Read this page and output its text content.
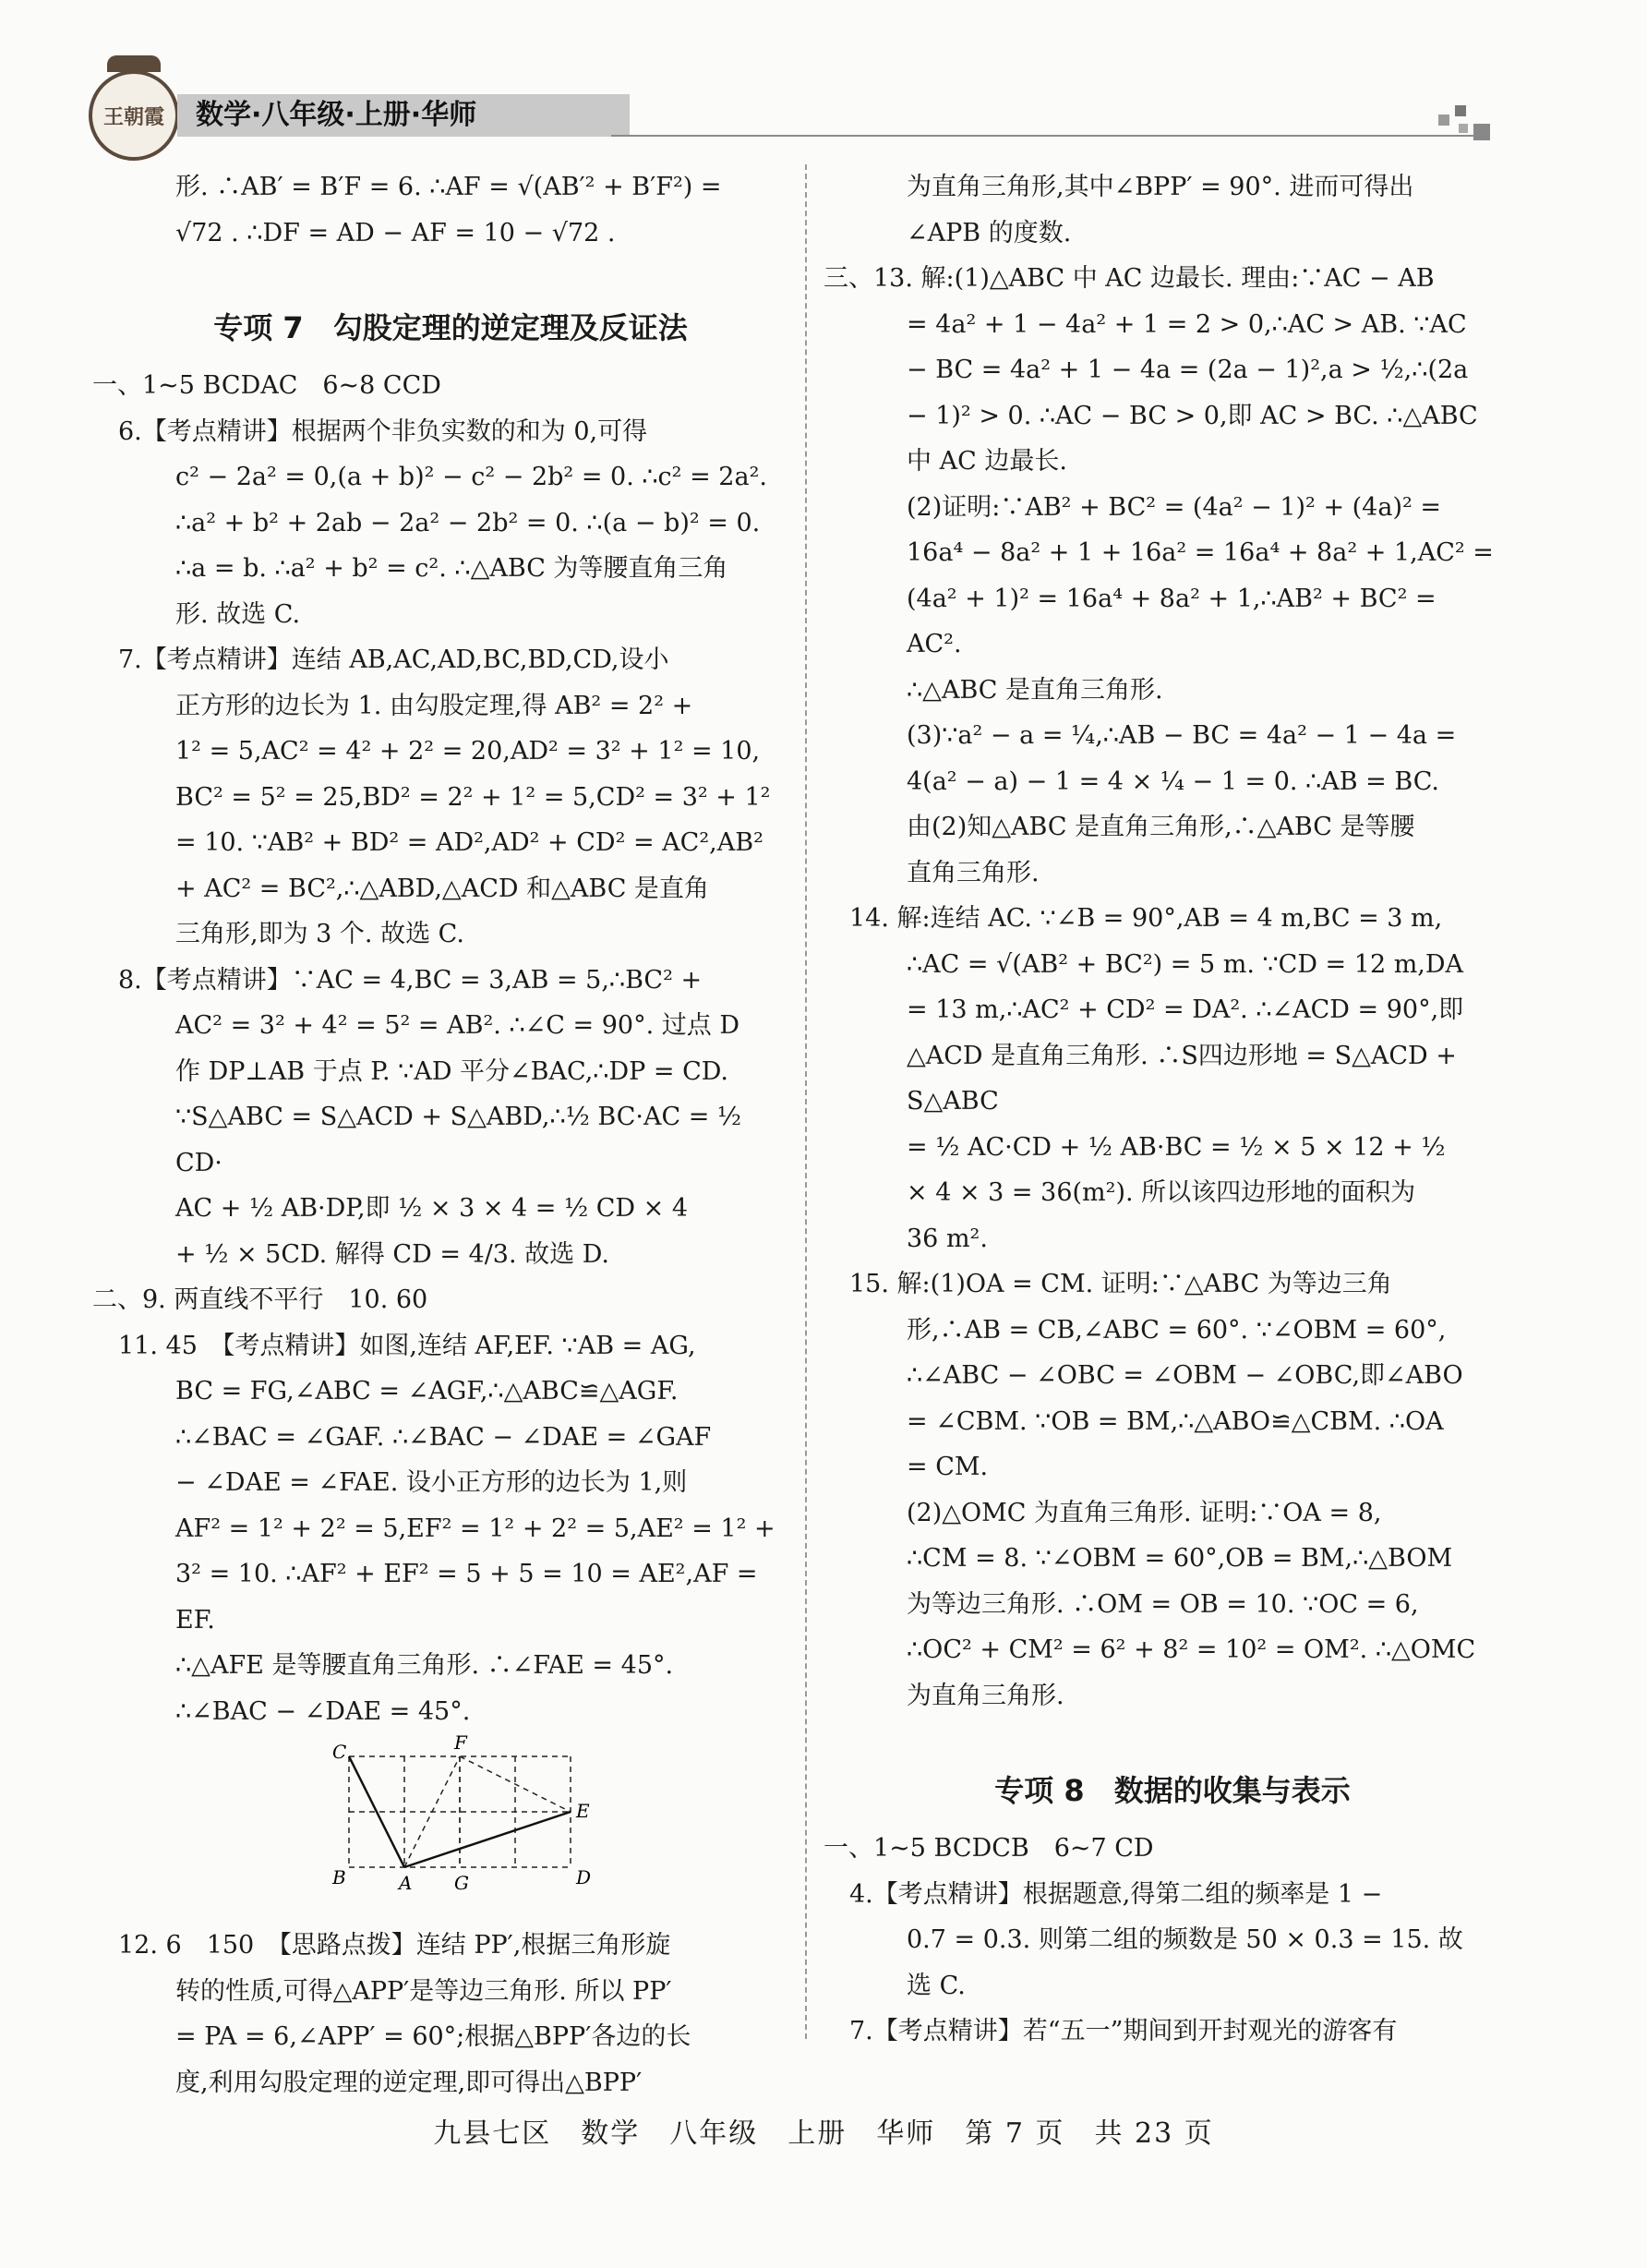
王朝霞	数学·八年级·上册·华师

形. ∴AB′ = B′F = 6. ∴AF = √(AB′² + B′F²) =

√72 . ∴DF = AD − AF = 10 − √72 .

专项 7　勾股定理的逆定理及反证法

一、1~5 BCDAC　6~8 CCD

6.【考点精讲】根据两个非负实数的和为 0,可得

c² − 2a² = 0,(a + b)² − c² − 2b² = 0. ∴c² = 2a².

∴a² + b² + 2ab − 2a² − 2b² = 0. ∴(a − b)² = 0.

∴a = b. ∴a² + b² = c². ∴△ABC 为等腰直角三角

形. 故选 C.

7.【考点精讲】连结 AB,AC,AD,BC,BD,CD,设小

正方形的边长为 1. 由勾股定理,得 AB² = 2² +

1² = 5,AC² = 4² + 2² = 20,AD² = 3² + 1² = 10,

BC² = 5² = 25,BD² = 2² + 1² = 5,CD² = 3² + 1²

= 10. ∵AB² + BD² = AD²,AD² + CD² = AC²,AB²

+ AC² = BC²,∴△ABD,△ACD 和△ABC 是直角

三角形,即为 3 个. 故选 C.

8.【考点精讲】∵AC = 4,BC = 3,AB = 5,∴BC² +

AC² = 3² + 4² = 5² = AB². ∴∠C = 90°. 过点 D

作 DP⊥AB 于点 P. ∵AD 平分∠BAC,∴DP = CD.

∵S△ABC = S△ACD + S△ABD,∴½ BC·AC = ½ CD·

AC + ½ AB·DP,即 ½ × 3 × 4 = ½ CD × 4

+ ½ × 5CD. 解得 CD = 4/3. 故选 D.

二、9. 两直线不平行　10. 60

11. 45　【考点精讲】如图,连结 AF,EF. ∵AB = AG,

BC = FG,∠ABC = ∠AGF,∴△ABC≌△AGF.

∴∠BAC = ∠GAF. ∴∠BAC − ∠DAE = ∠GAF

− ∠DAE = ∠FAE. 设小正方形的边长为 1,则

AF² = 1² + 2² = 5,EF² = 1² + 2² = 5,AE² = 1² +

3² = 10. ∴AF² + EF² = 5 + 5 = 10 = AE²,AF = EF.

∴△AFE 是等腰直角三角形. ∴∠FAE = 45°.

∴∠BAC − ∠DAE = 45°.

C	F
E
B	A G	D

12. 6　150　【思路点拨】连结 PP′,根据三角形旋

转的性质,可得△APP′是等边三角形. 所以 PP′

= PA = 6,∠APP′ = 60°;根据△BPP′各边的长

度,利用勾股定理的逆定理,即可得出△BPP′

为直角三角形,其中∠BPP′ = 90°. 进而可得出

∠APB 的度数.

三、13. 解:(1)△ABC 中 AC 边最长. 理由:∵AC − AB

= 4a² + 1 − 4a² + 1 = 2 > 0,∴AC > AB. ∵AC

− BC = 4a² + 1 − 4a = (2a − 1)²,a > ½,∴(2a

− 1)² > 0. ∴AC − BC > 0,即 AC > BC. ∴△ABC

中 AC 边最长.

(2)证明:∵AB² + BC² = (4a² − 1)² + (4a)² =

16a⁴ − 8a² + 1 + 16a² = 16a⁴ + 8a² + 1,AC² =

(4a² + 1)² = 16a⁴ + 8a² + 1,∴AB² + BC² = AC².

∴△ABC 是直角三角形.

(3)∵a² − a = ¼,∴AB − BC = 4a² − 1 − 4a =

4(a² − a) − 1 = 4 × ¼ − 1 = 0. ∴AB = BC.

由(2)知△ABC 是直角三角形,∴△ABC 是等腰

直角三角形.

14. 解:连结 AC. ∵∠B = 90°,AB = 4 m,BC = 3 m,

∴AC = √(AB² + BC²) = 5 m. ∵CD = 12 m,DA

= 13 m,∴AC² + CD² = DA². ∴∠ACD = 90°,即

△ACD 是直角三角形. ∴S四边形地 = S△ACD + S△ABC

= ½ AC·CD + ½ AB·BC = ½ × 5 × 12 + ½

× 4 × 3 = 36(m²). 所以该四边形地的面积为

36 m².

15. 解:(1)OA = CM. 证明:∵△ABC 为等边三角

形,∴AB = CB,∠ABC = 60°. ∵∠OBM = 60°,

∴∠ABC − ∠OBC = ∠OBM − ∠OBC,即∠ABO

= ∠CBM. ∵OB = BM,∴△ABO≌△CBM. ∴OA

= CM.

(2)△OMC 为直角三角形. 证明:∵OA = 8,

∴CM = 8. ∵∠OBM = 60°,OB = BM,∴△BOM

为等边三角形. ∴OM = OB = 10. ∵OC = 6,

∴OC² + CM² = 6² + 8² = 10² = OM². ∴△OMC

为直角三角形.

专项 8　数据的收集与表示

一、1~5 BCDCB　6~7 CD

4.【考点精讲】根据题意,得第二组的频率是 1 −

0.7 = 0.3. 则第二组的频数是 50 × 0.3 = 15. 故

选 C.

7.【考点精讲】若“五一”期间到开封观光的游客有

九县七区　数学　八年级　上册　华师　第 7 页　共 23 页
